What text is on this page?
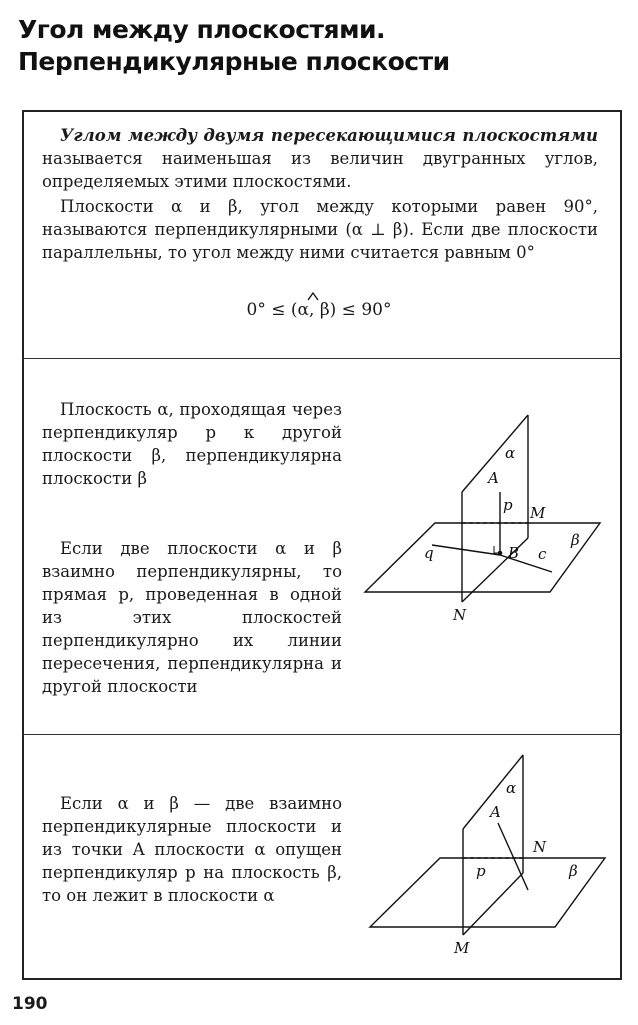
Угол между плоскостями.
Перпендикулярные плоскости
Углом между двумя пересекающимися плоскостями называется наименьшая из величин двугранных углов, определяемых этими плоскостями.
Плоскости α и β, угол между которыми равен 90°, называются перпендикулярными (α ⊥ β). Если две плоскости параллельны, то угол между ними считается равным 0°
0° ≤ (α, β) ≤ 90°
Плоскость α, проходящая через перпендикуляр p к другой плоскости β, перпендикулярна плоскости β
Если две плоскости α и β взаимно перпендикулярны, то прямая p, проведенная в одной из этих плоскостей перпендикулярно их линии пересечения, перпендикулярна и другой плоскости
α
A
p M
β
q	B c
N
Если α и β — две взаимно перпендикулярные плоскости и из точки A плоскости α опущен перпендикуляр p на плоскость β, то он лежит в плоскости α
α
A
N
p	β
M
190
